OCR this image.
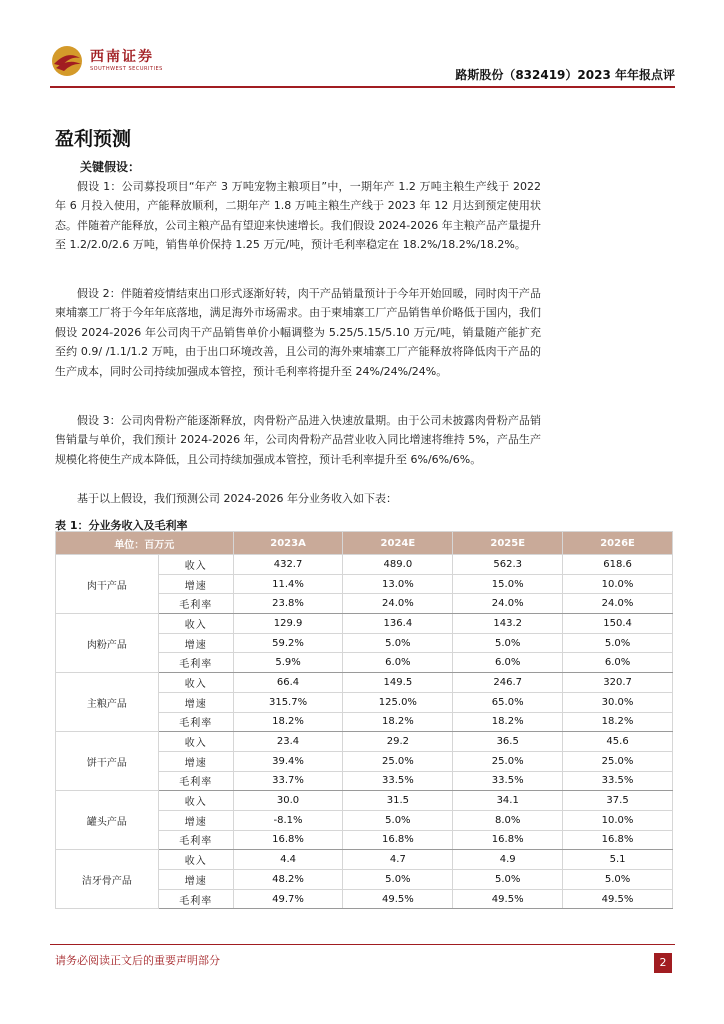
西南证券
SOUTHWEST SECURITIES	路斯股份（832419）2023 年年报点评
盈利预测
关键假设：

假设 1：公司募投项目“年产 3 万吨宠物主粮项目”中，一期年产 1.2 万吨主粮生产线于 2022 年 6 月投入使用，产能释放顺利，二期年产 1.8 万吨主粮生产线于 2023 年 12 月达到预定使用状态。伴随着产能释放，公司主粮产品有望迎来快速增长。我们假设 2024-2026 年主粮产品产量提升至 1.2/2.0/2.6 万吨，销售单价保持 1.25 万元/吨，预计毛利率稳定在 18.2%/18.2%/18.2%。

假设 2：伴随着疫情结束出口形式逐渐好转，肉干产品销量预计于今年开始回暖，同时肉干产品柬埔寨工厂将于今年年底落地，满足海外市场需求。由于柬埔寨工厂产品销售单价略低于国内，我们假设 2024-2026 年公司肉干产品销售单价小幅调整为 5.25/5.15/5.10 万元/吨，销量随产能扩充至约 0.9/ /1.1/1.2 万吨，由于出口环境改善，且公司的海外柬埔寨工厂产能释放将降低肉干产品的生产成本，同时公司持续加强成本管控，预计毛利率将提升至 24%/24%/24%。

假设 3：公司肉骨粉产能逐渐释放，肉骨粉产品进入快速放量期。由于公司未披露肉骨粉产品销售销量与单价，我们预计 2024-2026 年，公司肉骨粉产品营业收入同比增速将维持 5%，产品生产规模化将使生产成本降低，且公司持续加强成本管控，预计毛利率提升至 6%/6%/6%。

基于以上假设，我们预测公司 2024-2026 年分业务收入如下表：

表 1：分业务收入及毛利率
单位：百万元		2023A	2024E	2025E	2026E
肉干产品	收入	432.7	489.0	562.3	618.6
	增速	11.4%	13.0%	15.0%	10.0%
	毛利率	23.8%	24.0%	24.0%	24.0%
肉粉产品	收入	129.9	136.4	143.2	150.4
	增速	59.2%	5.0%	5.0%	5.0%
	毛利率	5.9%	6.0%	6.0%	6.0%
主粮产品	收入	66.4	149.5	246.7	320.7
	增速	315.7%	125.0%	65.0%	30.0%
	毛利率	18.2%	18.2%	18.2%	18.2%
饼干产品	收入	23.4	29.2	36.5	45.6
	增速	39.4%	25.0%	25.0%	25.0%
	毛利率	33.7%	33.5%	33.5%	33.5%
罐头产品	收入	30.0	31.5	34.1	37.5
	增速	-8.1%	5.0%	8.0%	10.0%
	毛利率	16.8%	16.8%	16.8%	16.8%
洁牙骨产品	收入	4.4	4.7	4.9	5.1
	增速	48.2%	5.0%	5.0%	5.0%
	毛利率	49.7%	49.5%	49.5%	49.5%
请务必阅读正文后的重要声明部分	2
